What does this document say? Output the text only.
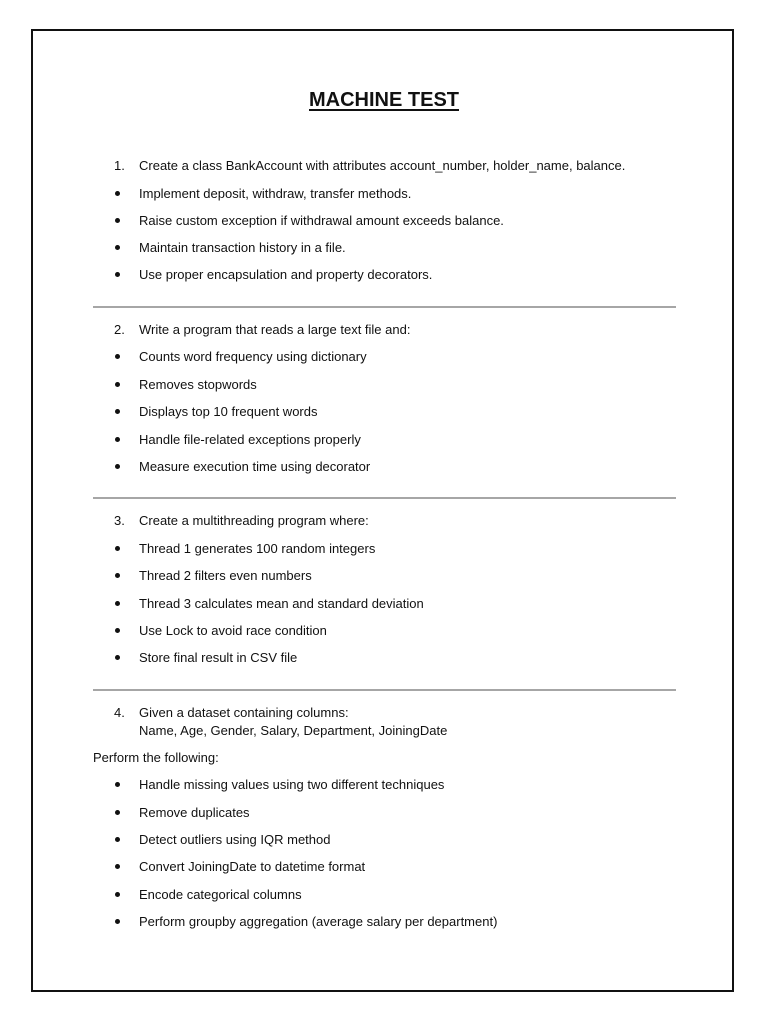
MACHINE TEST
1. Create a class BankAccount with attributes account_number, holder_name, balance.
Implement deposit, withdraw, transfer methods.
Raise custom exception if withdrawal amount exceeds balance.
Maintain transaction history in a file.
Use proper encapsulation and property decorators.
2. Write a program that reads a large text file and:
Counts word frequency using dictionary
Removes stopwords
Displays top 10 frequent words
Handle file-related exceptions properly
Measure execution time using decorator
3. Create a multithreading program where:
Thread 1 generates 100 random integers
Thread 2 filters even numbers
Thread 3 calculates mean and standard deviation
Use Lock to avoid race condition
Store final result in CSV file
4. Given a dataset containing columns:
Name, Age, Gender, Salary, Department, JoiningDate
Perform the following:
Handle missing values using two different techniques
Remove duplicates
Detect outliers using IQR method
Convert JoiningDate to datetime format
Encode categorical columns
Perform groupby aggregation (average salary per department)
